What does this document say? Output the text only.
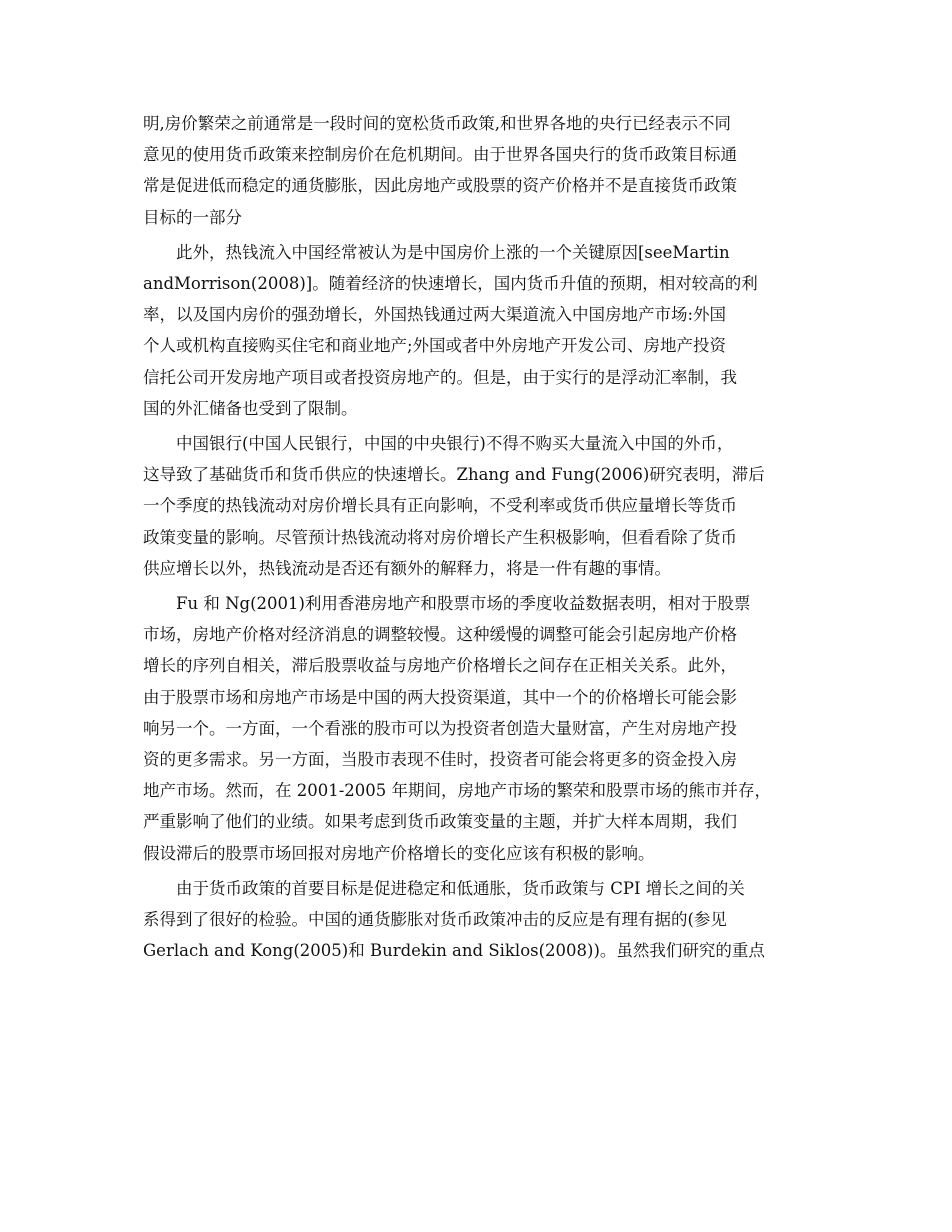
明,房价繁荣之前通常是一段时间的宽松货币政策,和世界各地的央行已经表示不同
意见的使用货币政策来控制房价在危机期间。由于世界各国央行的货币政策目标通
常是促进低而稳定的通货膨胀，因此房地产或股票的资产价格并不是直接货币政策
目标的一部分

此外，热钱流入中国经常被认为是中国房价上涨的一个关键原因[seeMartin
andMorrison(2008)]。随着经济的快速增长，国内货币升值的预期，相对较高的利
率，以及国内房价的强劲增长，外国热钱通过两大渠道流入中国房地产市场:外国
个人或机构直接购买住宅和商业地产;外国或者中外房地产开发公司、房地产投资
信托公司开发房地产项目或者投资房地产的。但是，由于实行的是浮动汇率制，我
国的外汇储备也受到了限制。

中国银行(中国人民银行，中国的中央银行)不得不购买大量流入中国的外币，
这导致了基础货币和货币供应的快速增长。Zhang and Fung(2006)研究表明，滞后
一个季度的热钱流动对房价增长具有正向影响，不受利率或货币供应量增长等货币
政策变量的影响。尽管预计热钱流动将对房价增长产生积极影响，但看看除了货币
供应增长以外，热钱流动是否还有额外的解释力，将是一件有趣的事情。

Fu 和 Ng(2001)利用香港房地产和股票市场的季度收益数据表明，相对于股票
市场，房地产价格对经济消息的调整较慢。这种缓慢的调整可能会引起房地产价格
增长的序列自相关，滞后股票收益与房地产价格增长之间存在正相关关系。此外，
由于股票市场和房地产市场是中国的两大投资渠道，其中一个的价格增长可能会影
响另一个。一方面，一个看涨的股市可以为投资者创造大量财富，产生对房地产投
资的更多需求。另一方面，当股市表现不佳时，投资者可能会将更多的资金投入房
地产市场。然而，在 2001-2005 年期间，房地产市场的繁荣和股票市场的熊市并存，
严重影响了他们的业绩。如果考虑到货币政策变量的主题，并扩大样本周期，我们
假设滞后的股票市场回报对房地产价格增长的变化应该有积极的影响。

由于货币政策的首要目标是促进稳定和低通胀，货币政策与 CPI 增长之间的关
系得到了很好的检验。中国的通货膨胀对货币政策冲击的反应是有理有据的(参见
Gerlach and Kong(2005)和 Burdekin and Siklos(2008))。虽然我们研究的重点
